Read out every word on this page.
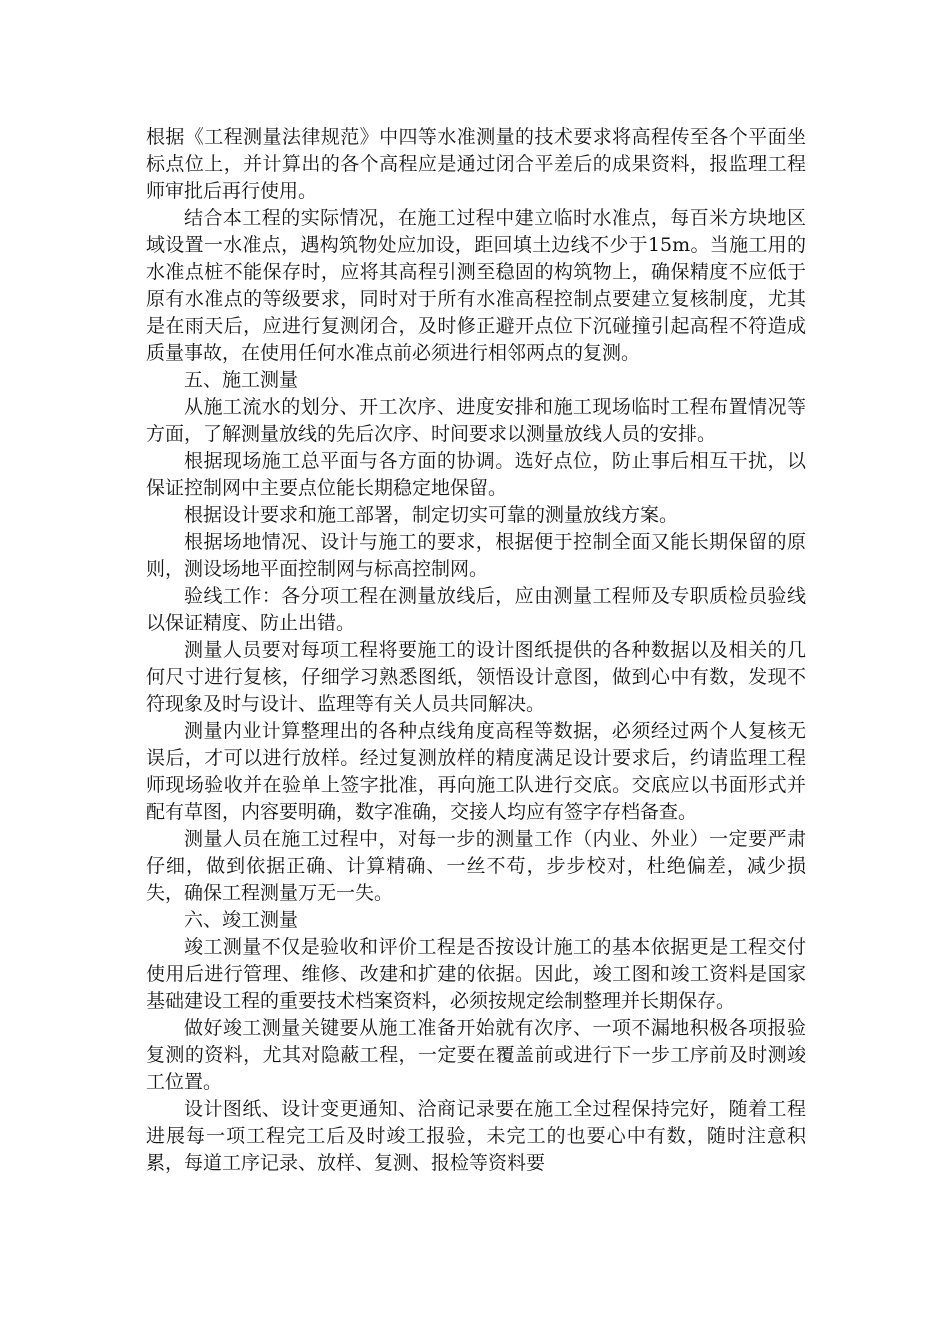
根据《工程测量法律规范》中四等水准测量的技术要求将高程传至各个平面坐标点位上，并计算出的各个高程应是通过闭合平差后的成果资料，报监理工程师审批后再行使用。

结合本工程的实际情况，在施工过程中建立临时水准点，每百米方块地区域设置一水准点，遇构筑物处应加设，距回填土边线不少于15m。当施工用的水准点桩不能保存时，应将其高程引测至稳固的构筑物上，确保精度不应低于原有水准点的等级要求，同时对于所有水准高程控制点要建立复核制度，尤其是在雨天后，应进行复测闭合，及时修正避开点位下沉碰撞引起高程不符造成质量事故，在使用任何水准点前必须进行相邻两点的复测。

五、施工测量

从施工流水的划分、开工次序、进度安排和施工现场临时工程布置情况等方面，了解测量放线的先后次序、时间要求以测量放线人员的安排。

根据现场施工总平面与各方面的协调。选好点位，防止事后相互干扰，以保证控制网中主要点位能长期稳定地保留。

根据设计要求和施工部署，制定切实可靠的测量放线方案。

根据场地情况、设计与施工的要求，根据便于控制全面又能长期保留的原则，测设场地平面控制网与标高控制网。

验线工作：各分项工程在测量放线后，应由测量工程师及专职质检员验线以保证精度、防止出错。

测量人员要对每项工程将要施工的设计图纸提供的各种数据以及相关的几何尺寸进行复核，仔细学习熟悉图纸，领悟设计意图，做到心中有数，发现不符现象及时与设计、监理等有关人员共同解决。

测量内业计算整理出的各种点线角度高程等数据，必须经过两个人复核无误后，才可以进行放样。经过复测放样的精度满足设计要求后，约请监理工程师现场验收并在验单上签字批准，再向施工队进行交底。交底应以书面形式并配有草图，内容要明确，数字准确，交接人均应有签字存档备查。

测量人员在施工过程中，对每一步的测量工作（内业、外业）一定要严肃仔细，做到依据正确、计算精确、一丝不苟，步步校对，杜绝偏差，减少损失，确保工程测量万无一失。

六、竣工测量

竣工测量不仅是验收和评价工程是否按设计施工的基本依据更是工程交付使用后进行管理、维修、改建和扩建的依据。因此，竣工图和竣工资料是国家基础建设工程的重要技术档案资料，必须按规定绘制整理并长期保存。

做好竣工测量关键要从施工准备开始就有次序、一项不漏地积极各项报验复测的资料，尤其对隐蔽工程，一定要在覆盖前或进行下一步工序前及时测竣工位置。

设计图纸、设计变更通知、洽商记录要在施工全过程保持完好，随着工程进展每一项工程完工后及时竣工报验，未完工的也要心中有数，随时注意积累，每道工序记录、放样、复测、报检等资料要
